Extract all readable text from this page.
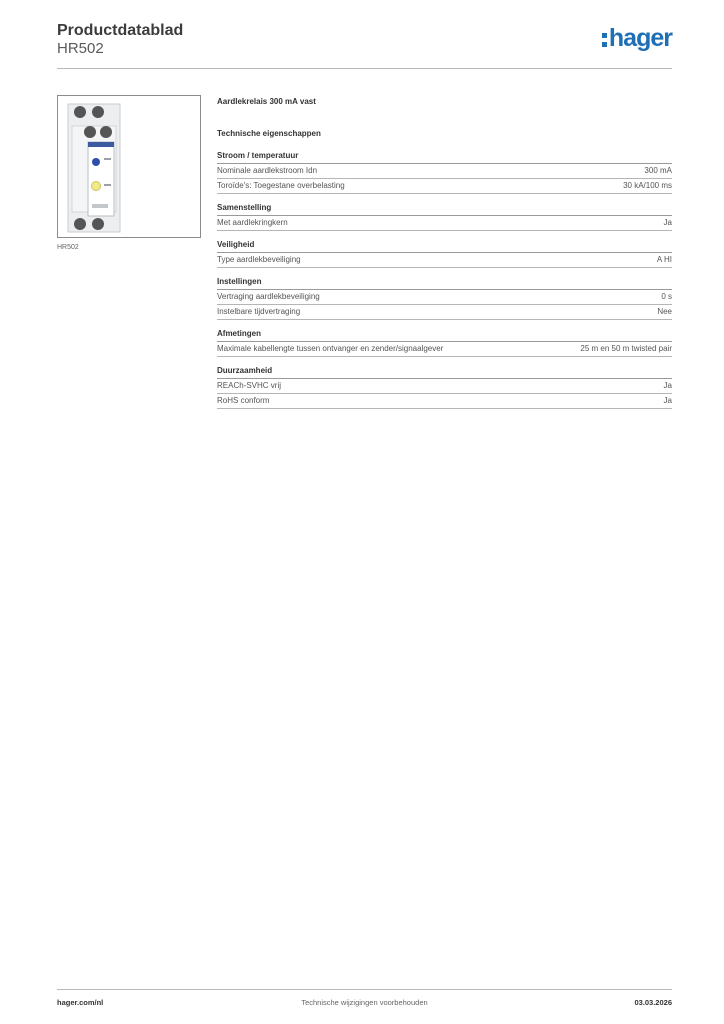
Productdatablad
HR502	hager
HR502
Aardlekrelais 300 mA vast
Technische eigenschappen
Stroom / temperatuur
Nominale aardlekstroom Idn	300 mA
Toroïde's: Toegestane overbelasting	30 kA/100 ms
Samenstelling
Met aardlekringkern	Ja
Veiligheid
Type aardlekbeveiliging	A HI
Instellingen
Vertraging aardlekbeveiliging	0 s
Instelbare tijdvertraging	Nee
Afmetingen
Maximale kabellengte tussen ontvanger en zender/signaalgever	25 m en 50 m twisted pair
Duurzaamheid
REACh-SVHC vrij	Ja
RoHS conform	Ja
hager.com/nl	Technische wijzigingen voorbehouden	03.03.2026
